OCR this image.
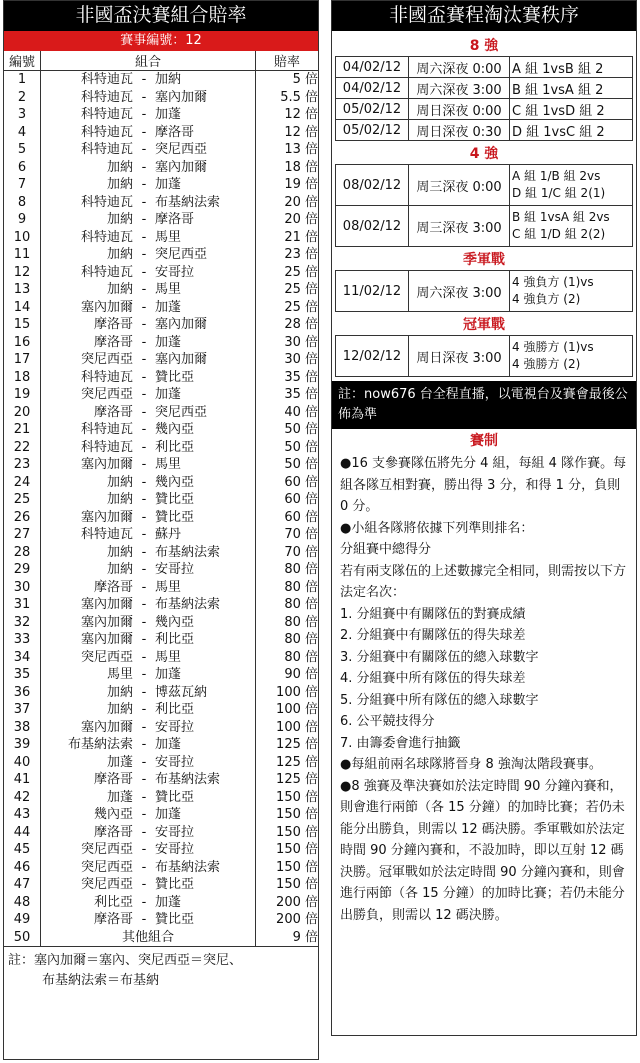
非國盃決賽組合賠率
賽事編號：12
編號	組合			賠率
1	科特迪瓦	-	加納	5 倍
2	科特迪瓦	-	塞內加爾	5.5 倍
3	科特迪瓦	-	加蓬	12 倍
4	科特迪瓦	-	摩洛哥	12 倍
5	科特迪瓦	-	突尼西亞	13 倍
6	加納	-	塞內加爾	18 倍
7	加納	-	加蓬	19 倍
8	科特迪瓦	-	布基納法索	20 倍
9	加納	-	摩洛哥	20 倍
10	科特迪瓦	-	馬里	21 倍
11	加納	-	突尼西亞	23 倍
12	科特迪瓦	-	安哥拉	25 倍
13	加納	-	馬里	25 倍
14	塞內加爾	-	加蓬	25 倍
15	摩洛哥	-	塞內加爾	28 倍
16	摩洛哥	-	加蓬	30 倍
17	突尼西亞	-	塞內加爾	30 倍
18	科特迪瓦	-	贊比亞	35 倍
19	突尼西亞	-	加蓬	35 倍
20	摩洛哥	-	突尼西亞	40 倍
21	科特迪瓦	-	幾內亞	50 倍
22	科特迪瓦	-	利比亞	50 倍
23	塞內加爾	-	馬里	50 倍
24	加納	-	幾內亞	60 倍
25	加納	-	贊比亞	60 倍
26	塞內加爾	-	贊比亞	60 倍
27	科特迪瓦	-	蘇丹	70 倍
28	加納	-	布基納法索	70 倍
29	加納	-	安哥拉	80 倍
30	摩洛哥	-	馬里	80 倍
31	塞內加爾	-	布基納法索	80 倍
32	塞內加爾	-	幾內亞	80 倍
33	塞內加爾	-	利比亞	80 倍
34	突尼西亞	-	馬里	80 倍
35	馬里	-	加蓬	90 倍
36	加納	-	博茲瓦納	100 倍
37	加納	-	利比亞	100 倍
38	塞內加爾	-	安哥拉	100 倍
39	布基納法索	-	加蓬	125 倍
40	加蓬	-	安哥拉	125 倍
41	摩洛哥	-	布基納法索	125 倍
42	加蓬	-	贊比亞	150 倍
43	幾內亞	-	加蓬	150 倍
44	摩洛哥	-	安哥拉	150 倍
45	突尼西亞	-	安哥拉	150 倍
46	突尼西亞	-	布基納法索	150 倍
47	突尼西亞	-	贊比亞	150 倍
48	利比亞	-	加蓬	200 倍
49	摩洛哥	-	贊比亞	200 倍
50	其他組合			9 倍
註：塞內加爾＝塞內、突尼西亞＝突尼、
布基納法索＝布基納
非國盃賽程淘汰賽秩序
8 強
04/02/12	周六深夜 0:00	A 組 1vsB 組 2
04/02/12	周六深夜 3:00	B 組 1vsA 組 2
05/02/12	周日深夜 0:00	C 組 1vsD 組 2
05/02/12	周日深夜 0:30	D 組 1vsC 組 2
4 強
08/02/12	周三深夜 0:00	A 組 1/B 組 2vs
D 組 1/C 組 2(1)

08/02/12	周三深夜 3:00	B 組 1vsA 組 2vs
C 組 1/D 組 2(2)
季軍戰
11/02/12	周六深夜 3:00	
4 強負方 (1)vs
4 強負方 (2)
冠軍戰
12/02/12	周日深夜 3:00	
4 強勝方 (1)vs
4 強勝方 (2)
註：now676 台全程直播，以電視台及賽會最後公佈為準
賽制

●16 支參賽隊伍將先分 4 組，每組 4 隊作賽。每組各隊互相對賽，勝出得 3 分，和得 1 分，負則 0 分。

●小組各隊將依據下列準則排名：

分組賽中總得分

若有兩支隊伍的上述數據完全相同，則需按以下方法定名次：

1. 分組賽中有關隊伍的對賽成績

2. 分組賽中有關隊伍的得失球差

3. 分組賽中有關隊伍的總入球數字

4. 分組賽中所有隊伍的得失球差

5. 分組賽中所有隊伍的總入球數字

6. 公平競技得分

7. 由籌委會進行抽籤

●每組前兩名球隊將晉身 8 強淘汰階段賽事。

●8 強賽及準決賽如於法定時間 90 分鐘內賽和，則會進行兩節（各 15 分鐘）的加時比賽；若仍未能分出勝負，則需以 12 碼決勝。季軍戰如於法定時間 90 分鐘內賽和，不設加時，即以互射 12 碼決勝。冠軍戰如於法定時間 90 分鐘內賽和，則會進行兩節（各 15 分鐘）的加時比賽；若仍未能分出勝負，則需以 12 碼決勝。
